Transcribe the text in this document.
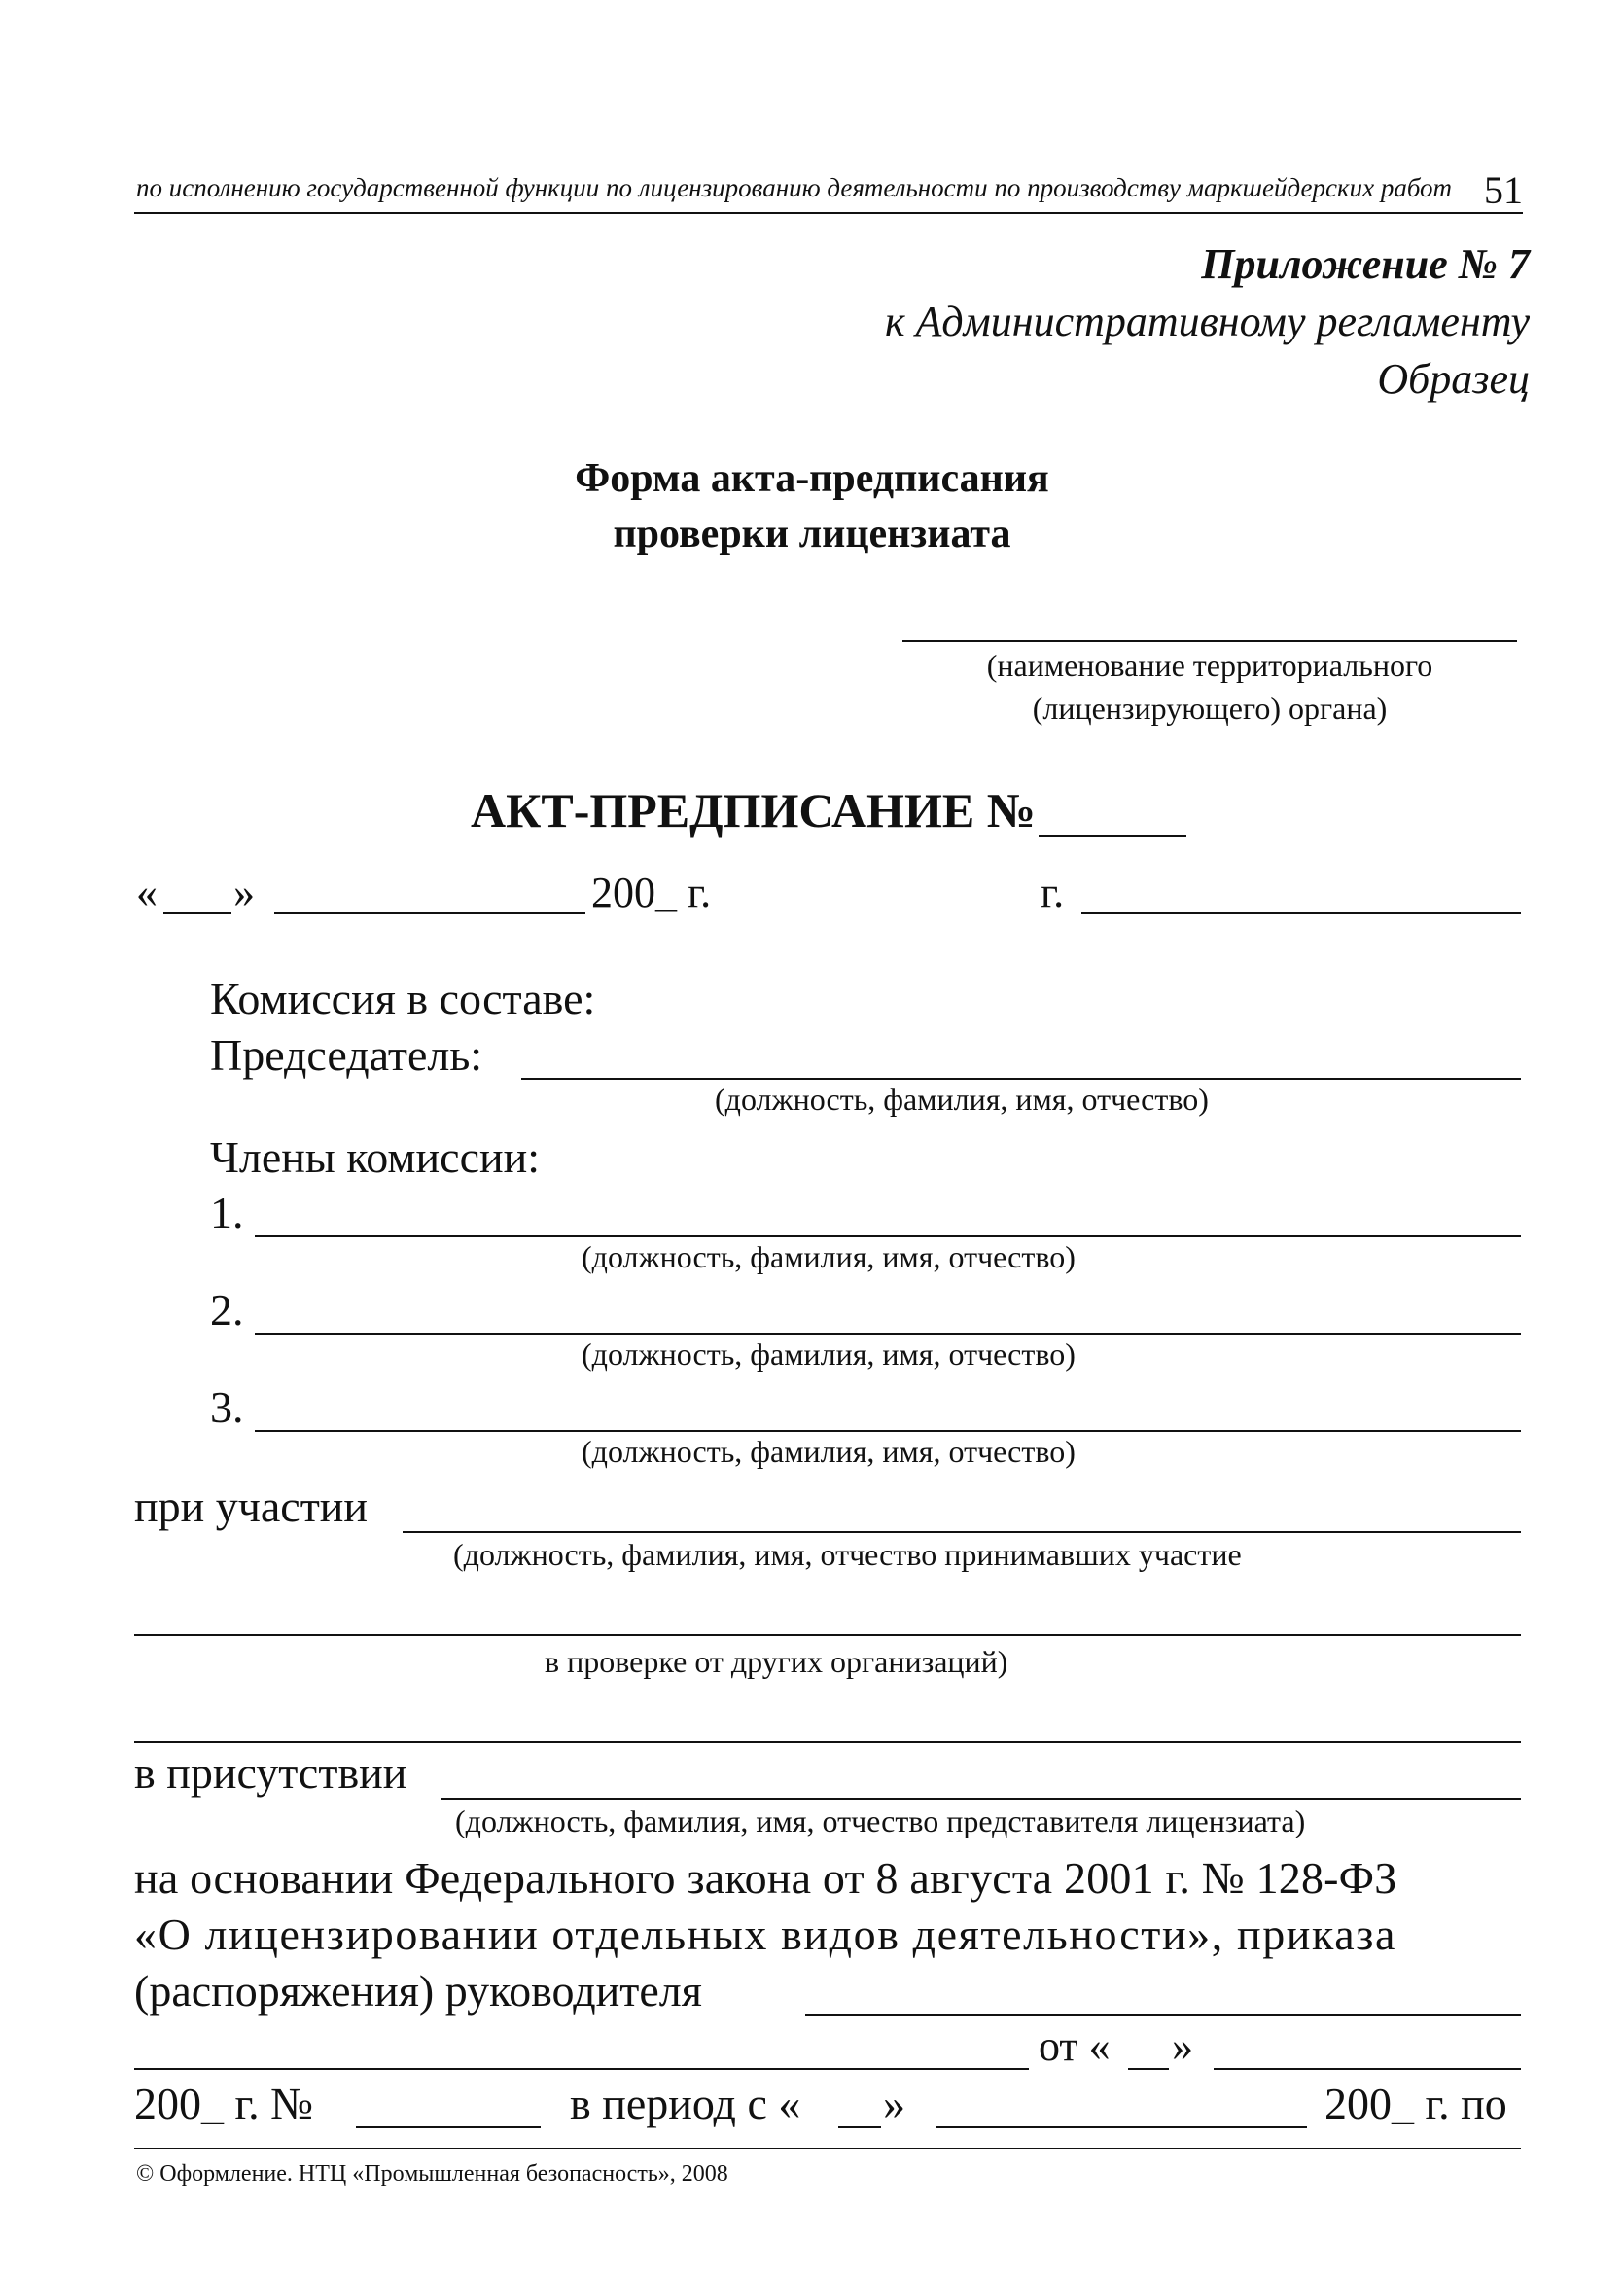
по исполнению государственной функции по лицензированию деятельности по производству маркшейдерских работ 51
Приложение № 7
к Административному регламенту
Образец
Форма акта-предписания
проверки лицензиата
(наименование территориального
(лицензирующего) органа)
АКТ-ПРЕДПИСАНИЕ №
« »	200_ г.	г.
Комиссия в составе:
Председатель:
(должность, фамилия, имя, отчество)
Члены комиссии:
1.
(должность, фамилия, имя, отчество)
2.
(должность, фамилия, имя, отчество)
3.
(должность, фамилия, имя, отчество)
при участии
(должность, фамилия, имя, отчество принимавших участие
в проверке от других организаций)
в присутствии
(должность, фамилия, имя, отчество представителя лицензиата)
на основании Федерального закона от 8 августа 2001 г. № 128-ФЗ
«О лицензировании отдельных видов деятельности», приказа
(распоряжения) руководителя
от « »
200_ г. №	в период с « »	200_ г. по
© Оформление. НТЦ «Промышленная безопасность», 2008
